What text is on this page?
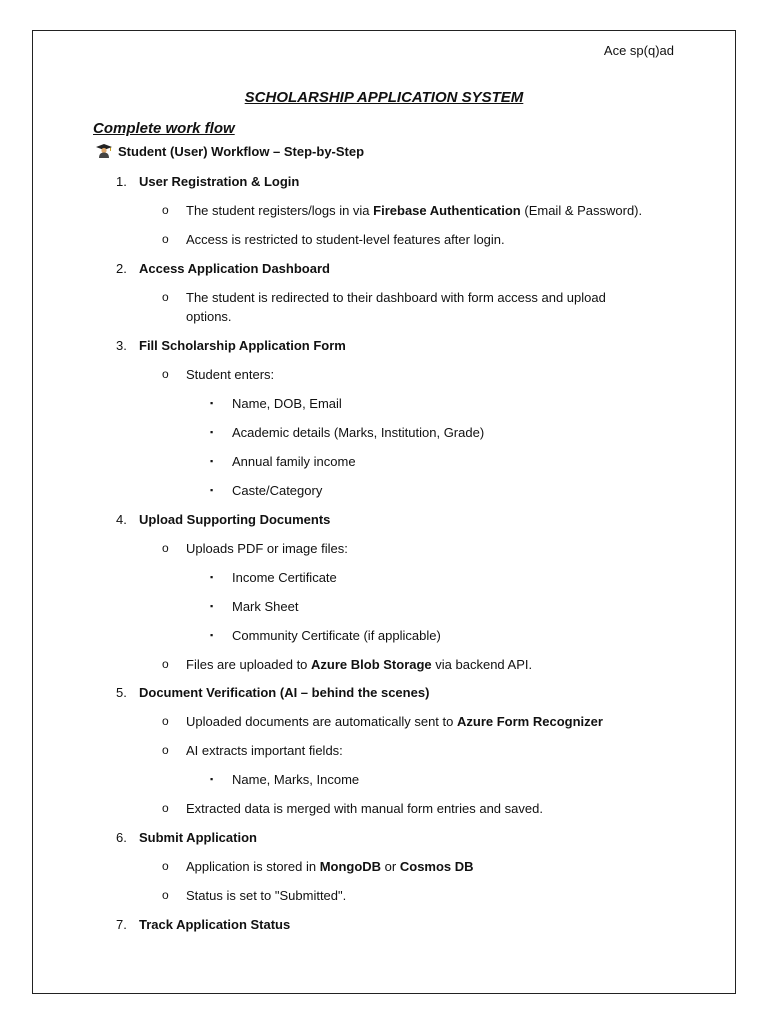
Ace sp(q)ad
SCHOLARSHIP APPLICATION SYSTEM
Complete work flow
Student (User) Workflow – Step-by-Step
1. User Registration & Login
o The student registers/logs in via Firebase Authentication (Email & Password).
o Access is restricted to student-level features after login.
2. Access Application Dashboard
o The student is redirected to their dashboard with form access and upload
options.
3. Fill Scholarship Application Form
o Student enters:
▪ Name, DOB, Email
▪ Academic details (Marks, Institution, Grade)
▪ Annual family income
▪ Caste/Category
4. Upload Supporting Documents
o Uploads PDF or image files:
▪ Income Certificate
▪ Mark Sheet
▪ Community Certificate (if applicable)
o Files are uploaded to Azure Blob Storage via backend API.
5. Document Verification (AI – behind the scenes)
o Uploaded documents are automatically sent to Azure Form Recognizer
o AI extracts important fields:
▪ Name, Marks, Income
o Extracted data is merged with manual form entries and saved.
6. Submit Application
o Application is stored in MongoDB or Cosmos DB
o Status is set to "Submitted".
7. Track Application Status
